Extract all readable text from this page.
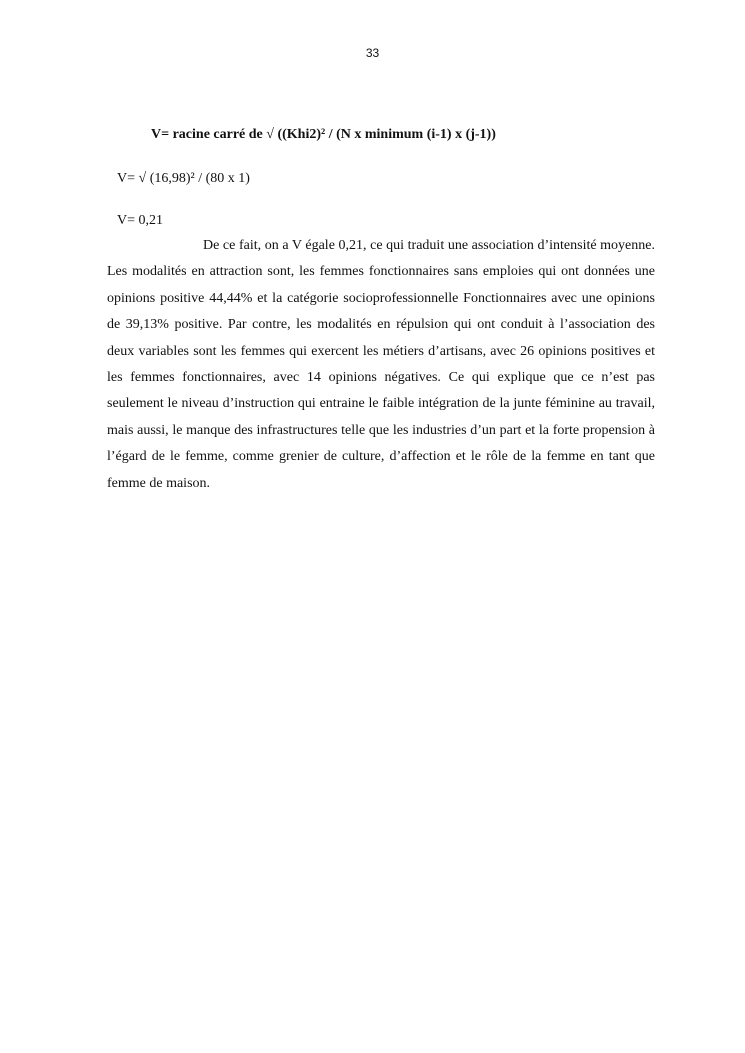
33
V= racine carré de √ ((Khi2)² / (N x minimum (i-1) x (j-1))
V= √ (16,98)² / (80 x 1)
V= 0,21

De ce fait, on a V égale 0,21, ce qui traduit une association d’intensité moyenne. Les modalités en attraction sont, les femmes fonctionnaires sans emploies qui ont données une opinions positive 44,44% et la catégorie socioprofessionnelle Fonctionnaires avec une opinions de 39,13% positive. Par contre, les modalités en répulsion qui ont conduit à l’association des deux variables sont les femmes qui exercent les métiers d’artisans, avec 26 opinions positives et les femmes fonctionnaires, avec 14 opinions négatives. Ce qui explique que ce n’est pas seulement le niveau d’instruction qui entraine le faible intégration de la junte féminine au travail, mais aussi, le manque des infrastructures telle que les industries d’un part et la forte propension à l’égard de le femme, comme grenier de culture, d’affection et le rôle de la femme en tant que femme de maison.
